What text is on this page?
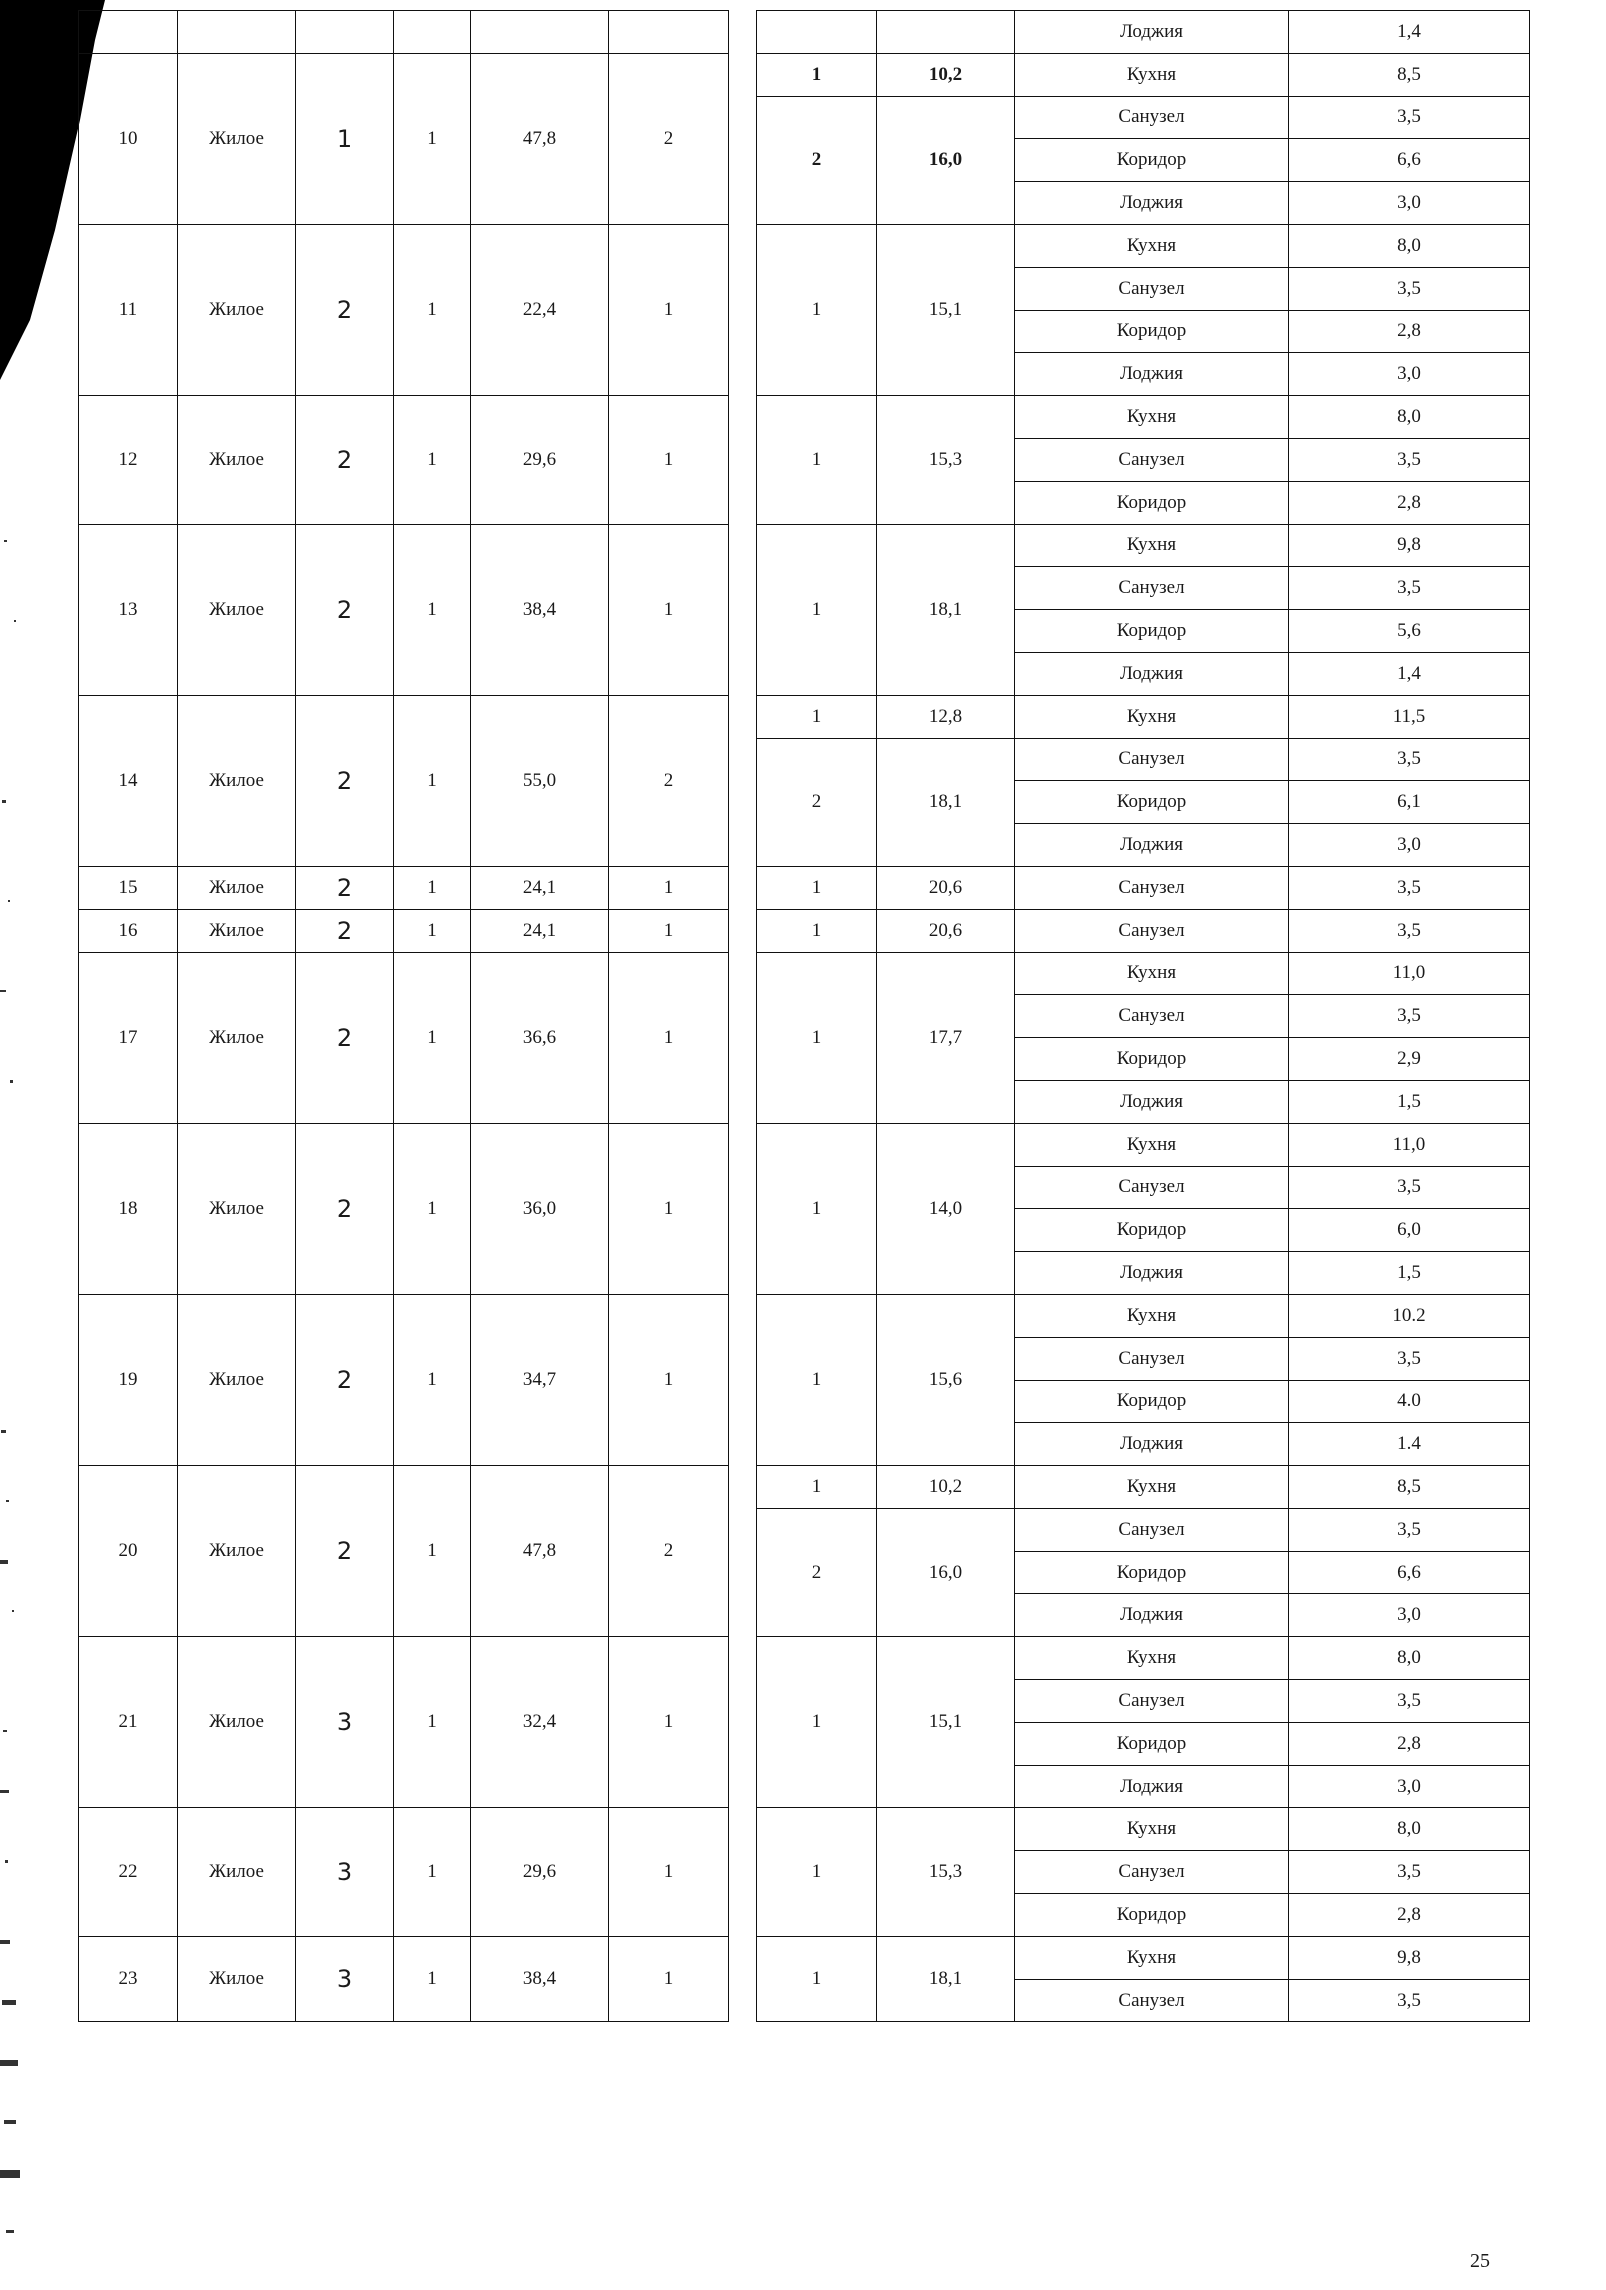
									Лоджия	1,4
10	Жилое	1	1	47,8	2		1	10,2	Кухня	8,5
							2	16,0	Санузел	3,5
									Коридор	6,6
									Лоджия	3,0
11	Жилое	2	1	22,4	1		1	15,1	Кухня	8,0
									Санузел	3,5
									Коридор	2,8
									Лоджия	3,0
12	Жилое	2	1	29,6	1		1	15,3	Кухня	8,0
									Санузел	3,5
									Коридор	2,8
13	Жилое	2	1	38,4	1		1	18,1	Кухня	9,8
									Санузел	3,5
									Коридор	5,6
									Лоджия	1,4
14	Жилое	2	1	55,0	2		1	12,8	Кухня	11,5
							2	18,1	Санузел	3,5
									Коридор	6,1
									Лоджия	3,0
15	Жилое	2	1	24,1	1		1	20,6	Санузел	3,5

16	Жилое	2	1	24,1	1		1	20,6	Санузел	3,5

17	Жилое	2	1	36,6	1		1	17,7	Кухня	11,0
									Санузел	3,5
									Коридор	2,9
									Лоджия	1,5
18	Жилое	2	1	36,0	1		1	14,0	Кухня	11,0
									Санузел	3,5
									Коридор	6,0
									Лоджия	1,5
19	Жилое	2	1	34,7	1		1	15,6	Кухня	10.2
									Санузел	3,5
									Коридор	4.0
									Лоджия	1.4
20	Жилое	2	1	47,8	2		1	10,2	Кухня	8,5
							2	16,0	Санузел	3,5
									Коридор	6,6
									Лоджия	3,0
21	Жилое	3	1	32,4	1		1	15,1	Кухня	8,0
									Санузел	3,5
									Коридор	2,8
									Лоджия	3,0
22	Жилое	3	1	29,6	1		1	15,3	Кухня	8,0
									Санузел	3,5
									Коридор	2,8
23	Жилое	3	1	38,4	1		1	18,1	Кухня	9,8
									Санузел	3,5
25
